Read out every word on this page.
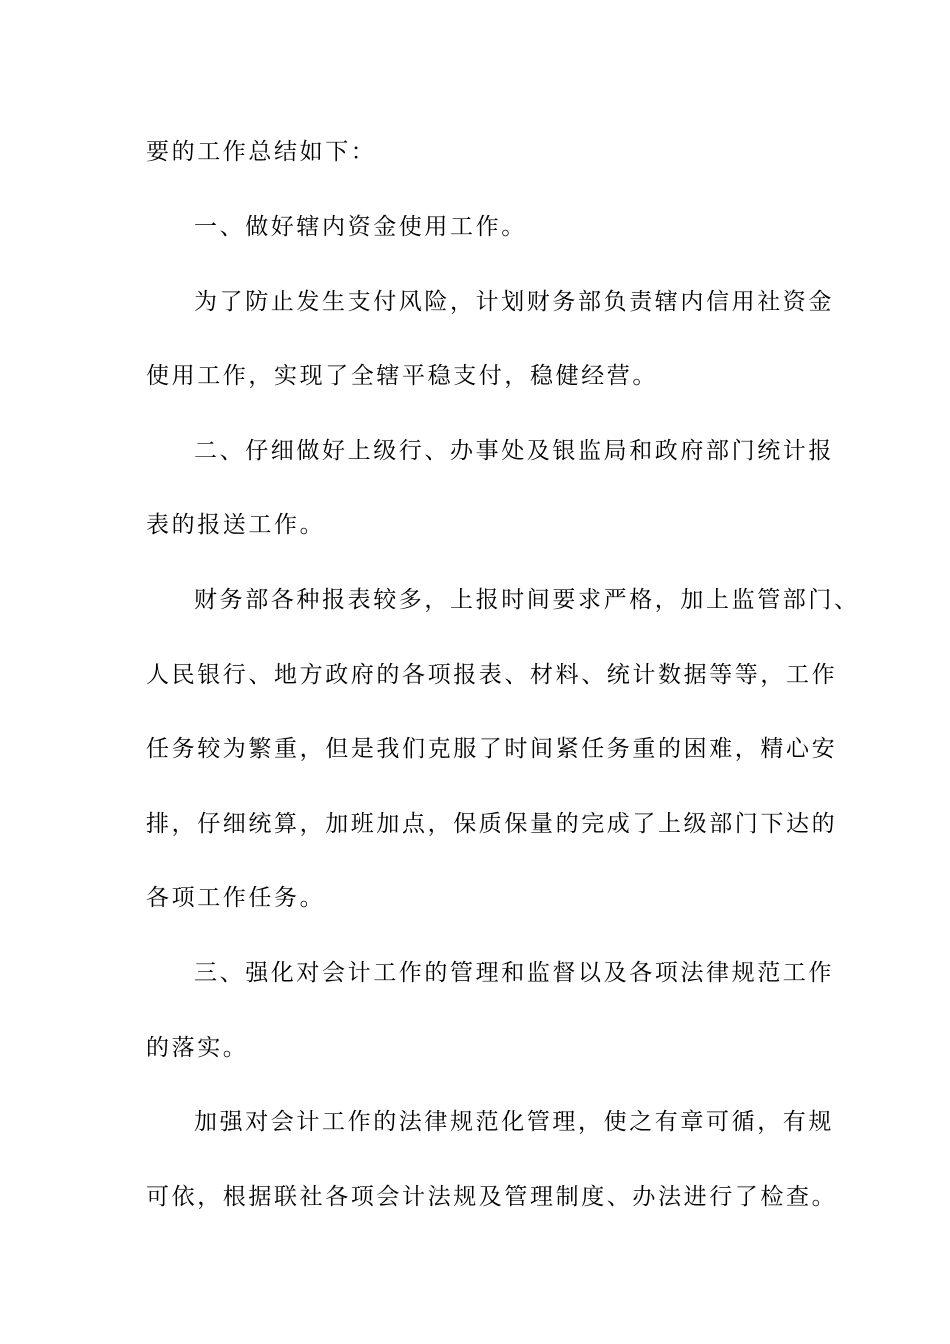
要的工作总结如下：
一、做好辖内资金使用工作。
为了防止发生支付风险，计划财务部负责辖内信用社资金
使用工作，实现了全辖平稳支付，稳健经营。
二、仔细做好上级行、办事处及银监局和政府部门统计报
表的报送工作。
财务部各种报表较多，上报时间要求严格，加上监管部门、
人民银行、地方政府的各项报表、材料、统计数据等等，工作
任务较为繁重，但是我们克服了时间紧任务重的困难，精心安
排，仔细统算，加班加点，保质保量的完成了上级部门下达的
各项工作任务。
三、强化对会计工作的管理和监督以及各项法律规范工作
的落实。
加强对会计工作的法律规范化管理，使之有章可循，有规
可依，根据联社各项会计法规及管理制度、办法进行了检查。
